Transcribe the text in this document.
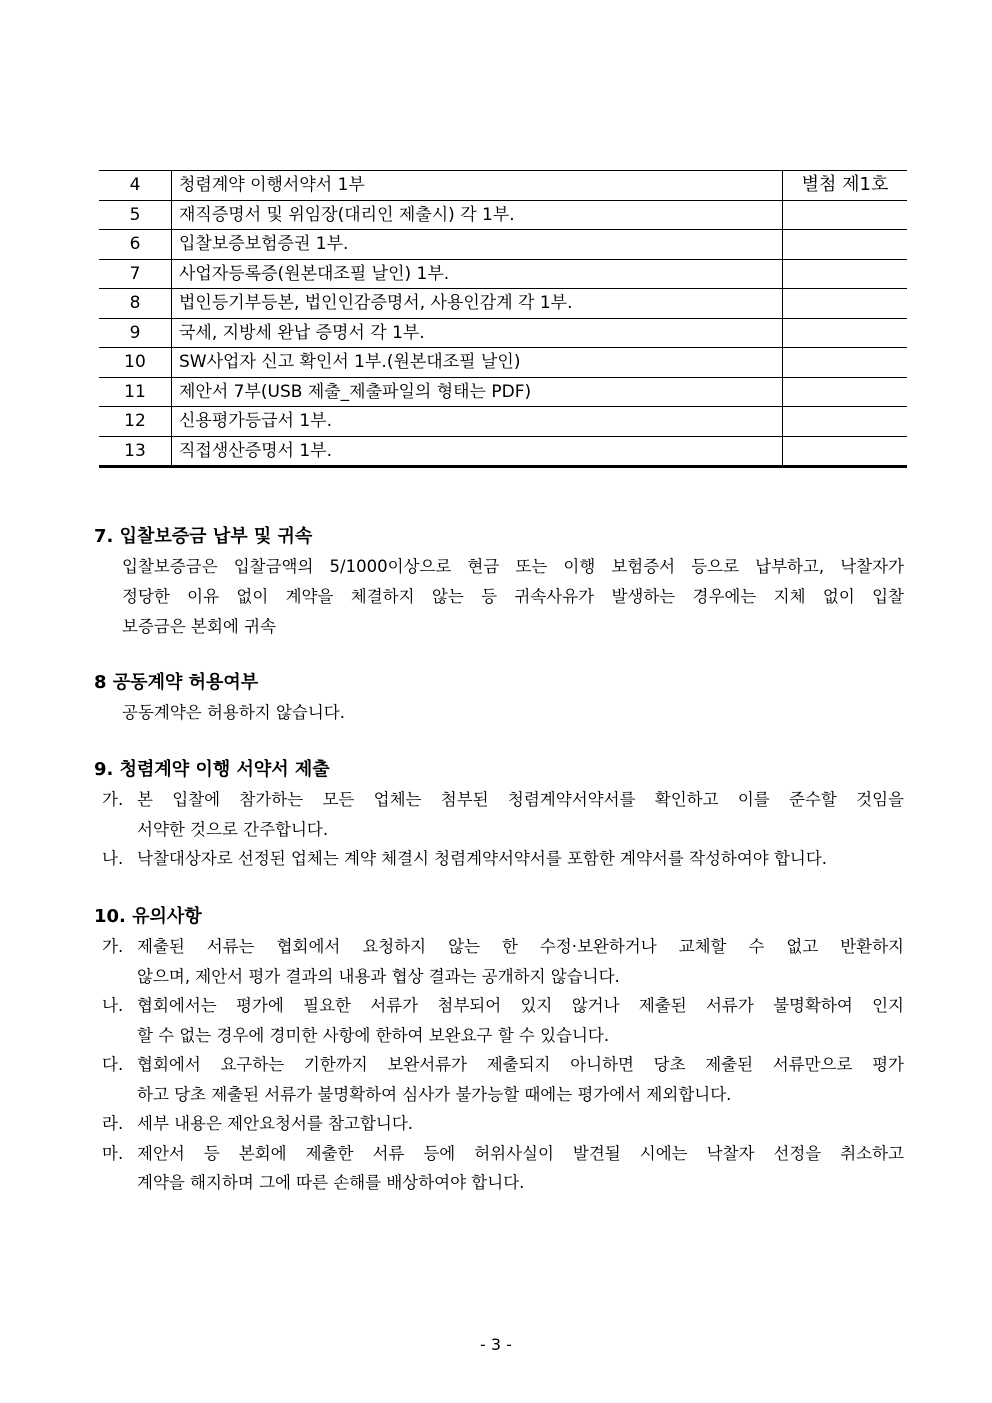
4	청렴계약 이행서약서 1부	별첨 제1호
5	재직증명서 및 위임장(대리인 제출시) 각 1부.	
6	입찰보증보험증권 1부.	
7	사업자등록증(원본대조필 날인) 1부.	
8	법인등기부등본, 법인인감증명서, 사용인감계 각 1부.	
9	국세, 지방세 완납 증명서 각 1부.	
10	SW사업자 신고 확인서 1부.(원본대조필 날인)	
11	제안서 7부(USB 제출_제출파일의 형태는 PDF)	
12	신용평가등급서 1부.	
13	직접생산증명서 1부.	
7. 입찰보증금 납부 및 귀속
입찰보증금은 입찰금액의 5/1000이상으로 현금 또는 이행 보험증서 등으로 납부하고, 낙찰자가
정당한 이유 없이 계약을 체결하지 않는 등 귀속사유가 발생하는 경우에는 지체 없이 입찰
보증금은 본회에 귀속
8 공동계약 허용여부
공동계약은 허용하지 않습니다.
9. 청렴계약 이행 서약서 제출
가. 본 입찰에 참가하는 모든 업체는 첨부된 청렴계약서약서를 확인하고 이를 준수할 것임을
서약한 것으로 간주합니다.
나. 낙찰대상자로 선정된 업체는 계약 체결시 청렴계약서약서를 포함한 계약서를 작성하여야 합니다.
10. 유의사항
가. 제출된 서류는 협회에서 요청하지 않는 한 수정·보완하거나 교체할 수 없고 반환하지
않으며, 제안서 평가 결과의 내용과 협상 결과는 공개하지 않습니다.
나. 협회에서는 평가에 필요한 서류가 첨부되어 있지 않거나 제출된 서류가 불명확하여 인지
할 수 없는 경우에 경미한 사항에 한하여 보완요구 할 수 있습니다.
다. 협회에서 요구하는 기한까지 보완서류가 제출되지 아니하면 당초 제출된 서류만으로 평가
하고 당초 제출된 서류가 불명확하여 심사가 불가능할 때에는 평가에서 제외합니다.
라. 세부 내용은 제안요청서를 참고합니다.
마. 제안서 등 본회에 제출한 서류 등에 허위사실이 발견될 시에는 낙찰자 선정을 취소하고
계약을 해지하며 그에 따른 손해를 배상하여야 합니다.
- 3 -
